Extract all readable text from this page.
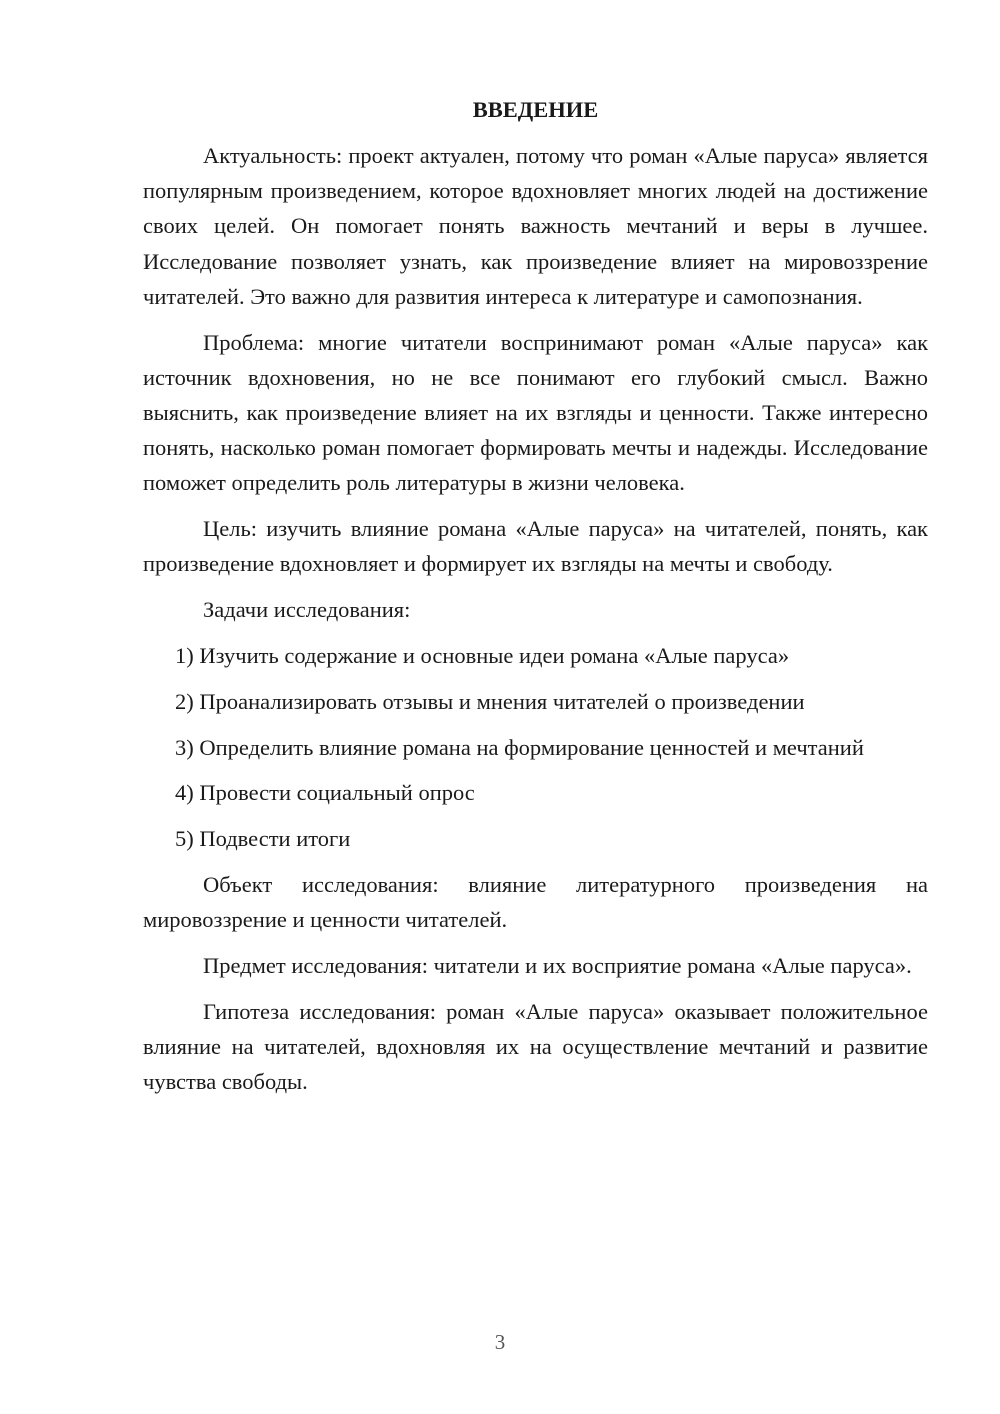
ВВЕДЕНИЕ

Актуальность: проект актуален, потому что роман «Алые паруса» является популярным произведением, которое вдохновляет многих людей на достижение своих целей. Он помогает понять важность мечтаний и веры в лучшее. Исследование позволяет узнать, как произведение влияет на мировоззрение читателей. Это важно для развития интереса к литературе и самопознания.

Проблема: многие читатели воспринимают роман «Алые паруса» как источник вдохновения, но не все понимают его глубокий смысл. Важно выяснить, как произведение влияет на их взгляды и ценности. Также интересно понять, насколько роман помогает формировать мечты и надежды. Исследование поможет определить роль литературы в жизни человека.

Цель: изучить влияние романа «Алые паруса» на читателей, понять, как произведение вдохновляет и формирует их взгляды на мечты и свободу.

Задачи исследования:

1) Изучить содержание и основные идеи романа «Алые паруса»

2) Проанализировать отзывы и мнения читателей о произведении

3) Определить влияние романа на формирование ценностей и мечтаний

4) Провести социальный опрос

5) Подвести итоги

Объект исследования: влияние литературного произведения на мировоззрение и ценности читателей.

Предмет исследования: читатели и их восприятие романа «Алые паруса».

Гипотеза исследования: роман «Алые паруса» оказывает положительное влияние на читателей, вдохновляя их на осуществление мечтаний и развитие чувства свободы.

3
